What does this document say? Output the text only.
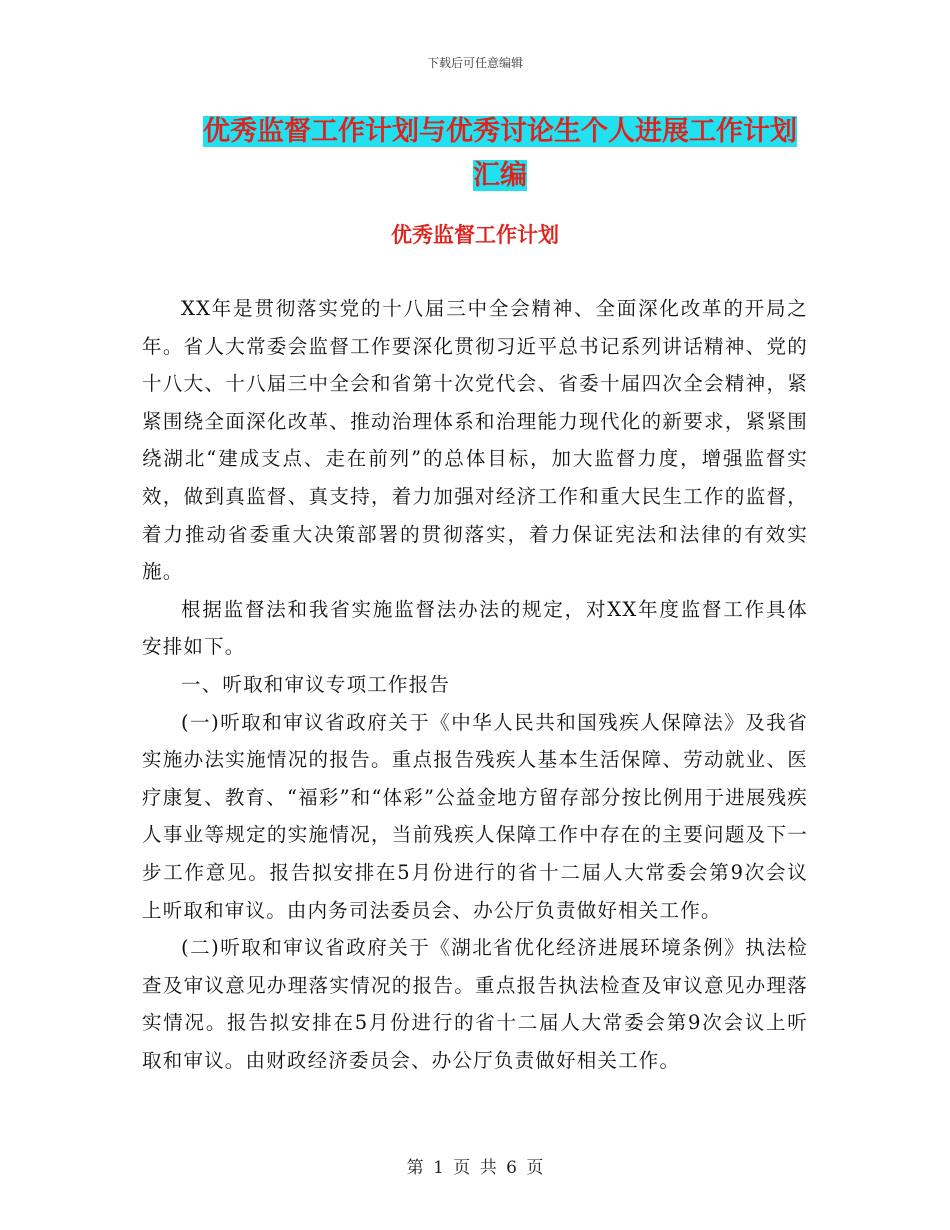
下载后可任意编辑
优秀监督工作计划与优秀讨论生个人进展工作计划汇编
优秀监督工作计划

XX年是贯彻落实党的十八届三中全会精神、全面深化改革的开局之年。省人大常委会监督工作要深化贯彻习近平总书记系列讲话精神、党的十八大、十八届三中全会和省第十次党代会、省委十届四次全会精神，紧紧围绕全面深化改革、推动治理体系和治理能力现代化的新要求，紧紧围绕湖北“建成支点、走在前列”的总体目标，加大监督力度，增强监督实效，做到真监督、真支持，着力加强对经济工作和重大民生工作的监督，着力推动省委重大决策部署的贯彻落实，着力保证宪法和法律的有效实施。

根据监督法和我省实施监督法办法的规定，对XX年度监督工作具体安排如下。

一、听取和审议专项工作报告

(一)听取和审议省政府关于《中华人民共和国残疾人保障法》及我省实施办法实施情况的报告。重点报告残疾人基本生活保障、劳动就业、医疗康复、教育、“福彩”和“体彩”公益金地方留存部分按比例用于进展残疾人事业等规定的实施情况，当前残疾人保障工作中存在的主要问题及下一步工作意见。报告拟安排在5月份进行的省十二届人大常委会第9次会议上听取和审议。由内务司法委员会、办公厅负责做好相关工作。

(二)听取和审议省政府关于《湖北省优化经济进展环境条例》执法检查及审议意见办理落实情况的报告。重点报告执法检查及审议意见办理落实情况。报告拟安排在5月份进行的省十二届人大常委会第9次会议上听取和审议。由财政经济委员会、办公厅负责做好相关工作。

第 1 页 共 6 页
